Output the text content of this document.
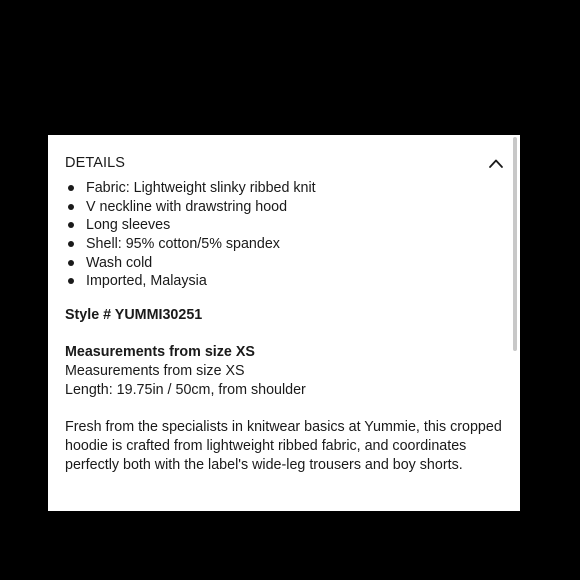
DETAILS
Fabric: Lightweight slinky ribbed knit
V neckline with drawstring hood
Long sleeves
Shell: 95% cotton/5% spandex
Wash cold
Imported, Malaysia
Style # YUMMI30251
Measurements from size XS
Measurements from size XS
Length: 19.75in / 50cm, from shoulder
Fresh from the specialists in knitwear basics at Yummie, this cropped hoodie is crafted from lightweight ribbed fabric, and coordinates perfectly both with the label's wide-leg trousers and boy shorts.
